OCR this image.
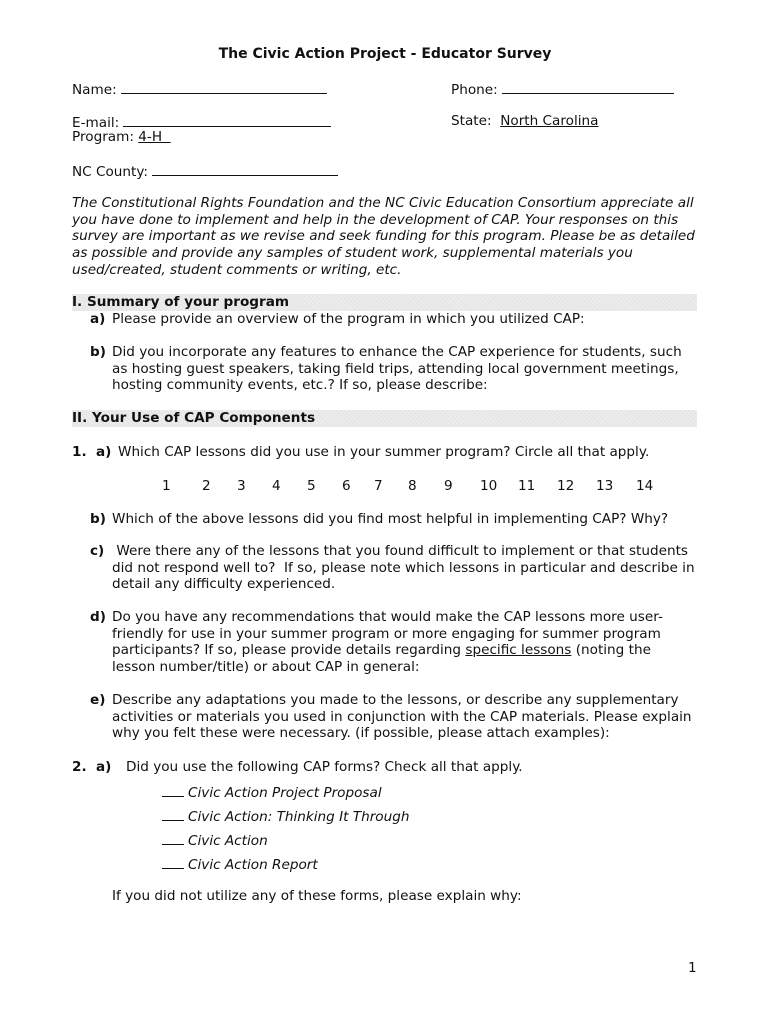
The Civic Action Project - Educator Survey
Name:	Phone:
E-mail:	State: North Carolina
Program: 4-H
NC County:
The Constitutional Rights Foundation and the NC Civic Education Consortium appreciate all you have done to implement and help in the development of CAP. Your responses on this survey are important as we revise and seek funding for this program. Please be as detailed as possible and provide any samples of student work, supplemental materials you used/created, student comments or writing, etc.
I. Summary of your program
a) Please provide an overview of the program in which you utilized CAP:
b) Did you incorporate any features to enhance the CAP experience for students, such as hosting guest speakers, taking field trips, attending local government meetings, hosting community events, etc.? If so, please describe:
II. Your Use of CAP Components
1. a) Which CAP lessons did you use in your summer program? Circle all that apply.
1 2 3 4 5 6 7 8 9 10 11 12 13 14
b) Which of the above lessons did you find most helpful in implementing CAP? Why?
c) Were there any of the lessons that you found difficult to implement or that students did not respond well to?  If so, please note which lessons in particular and describe in detail any difficulty experienced.
d) Do you have any recommendations that would make the CAP lessons more user-friendly for use in your summer program or more engaging for summer program participants? If so, please provide details regarding specific lessons (noting the lesson number/title) or about CAP in general:
e) Describe any adaptations you made to the lessons, or describe any supplementary activities or materials you used in conjunction with the CAP materials. Please explain why you felt these were necessary. (if possible, please attach examples):
2. a) Did you use the following CAP forms? Check all that apply.
Civic Action Project Proposal
Civic Action: Thinking It Through
Civic Action
Civic Action Report
If you did not utilize any of these forms, please explain why:
1
